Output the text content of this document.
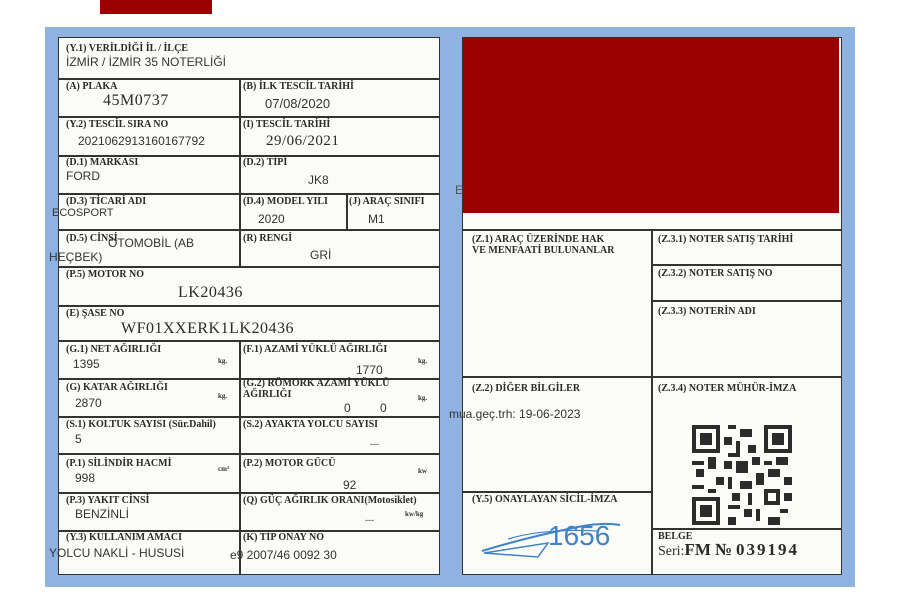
(Y.1) VERİLDİĞİ İL / İLÇE
İZMİR / İZMİR 35 NOTERLİĞİ
(A) PLAKA
45M0737
(B) İLK TESCİL TARİHİ
07/08/2020
(Y.2) TESCİL SIRA NO
2021062913160167792
(I) TESCİL TARİHİ
29/06/2021
(D.1) MARKASI
FORD
(D.2) TİPİ
JK8
(D.3) TİCARİ ADI
ECOSPORT
(D.4) MODEL YILI
2020
(J) ARAÇ SINIFI
M1
(D.5) CİNSİ
OTOMOBİL (AB
HEÇBEK)
(R) RENGİ
GRİ
(P.5) MOTOR NO
LK20436
(E) ŞASE NO
WF01XXERK1LK20436
(G.1) NET AĞIRLIĞI
1395	kg.
(F.1) AZAMİ YÜKLÜ AĞIRLIĞI
1770
kg.
(G) KATAR AĞIRLIĞI
2870	kg.
(G.2) RÖMORK AZAMİ YÜKLÜ
AĞIRLIĞI
0 0
kg.
(S.1) KOLTUK SAYISI (Sür.Dahil)
5
(S.2) AYAKTA YOLCU SAYISI
---
(P.1) SİLİNDİR HACMİ
998
cm³ (P.2) MOTOR GÜCÜ
92
kw
(P.3) YAKIT CİNSİ
BENZİNLİ
(Q) GÜÇ AĞIRLIK ORANI(Motosiklet)
---
kw/kg
(Y.3) KULLANIM AMACI
YOLCU NAKLİ - HUSUSİ
(K) TİP ONAY NO
e9 2007/46 0092 30
E
(Z.1) ARAÇ ÜZERİNDE HAK
VE MENFAATİ BULUNANLAR
(Z.3.1) NOTER SATIŞ TARİHİ
(Z.3.2) NOTER SATIŞ NO
(Z.3.3) NOTERİN ADI
(Z.2) DİĞER BİLGİLER
mua.geç.trh: 19-06-2023
(Z.3.4) NOTER MÜHÜR-İMZA
(Y.5) ONAYLAYAN SİCİL-İMZA
1656	BELGE
Seri:FM № 039194
